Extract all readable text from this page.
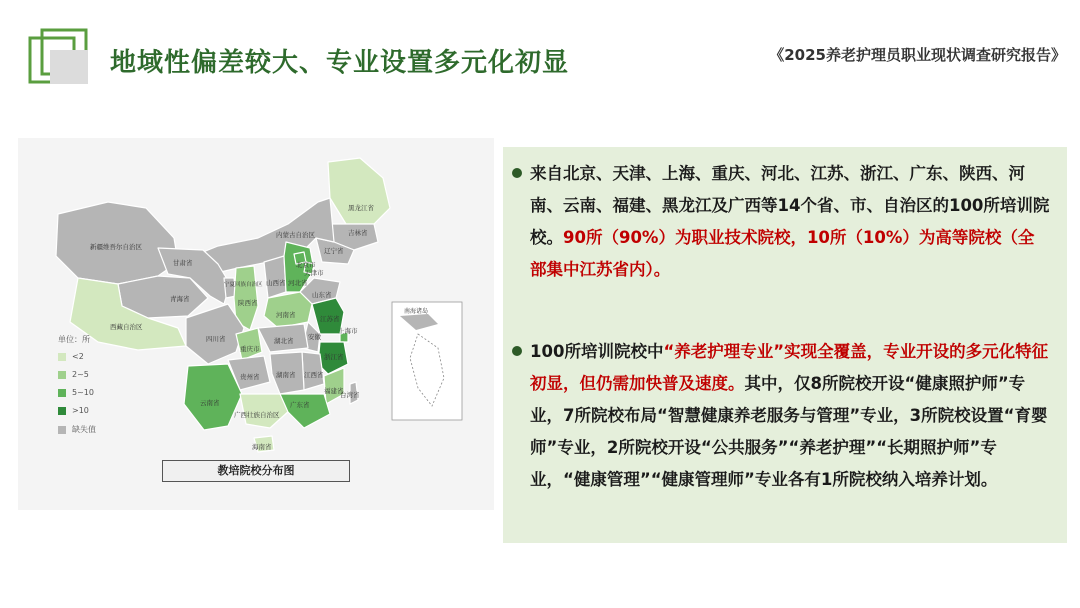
地域性偏差较大、专业设置多元化初显	《2025养老护理员职业现状调查研究报告》
黑龙江省
吉林省
辽宁省
内蒙古自治区
新疆维吾尔自治区
甘肃省
青海省
西藏自治区
北京市
天津市
河北省
山西省
山东省
宁夏回族自治区
陕西省
河南省	江苏省
安徽
上海市
四川省	湖北省
重庆市
浙江省
贵州省	湖南省 江西省
福建省
云南省
广西壮族自治区
广东省
台湾省
海南省
南海诸岛
单位：所
<2
2~5
5~10
>10
缺失值
教培院校分布图
来自北京、天津、上海、重庆、河北、江苏、浙江、广东、陕西、河南、云南、福建、黑龙江及广西等14个省、市、自治区的100所培训院校。90所（90%）为职业技术院校，10所（10%）为高等院校（全部集中江苏省内）。
100所培训院校中“养老护理专业”实现全覆盖，专业开设的多元化特征初显，但仍需加快普及速度。其中，仅8所院校开设“健康照护师”专业，7所院校布局“智慧健康养老服务与管理”专业，3所院校设置“育婴师”专业，2所院校开设“公共服务”“养老护理”“长期照护师”专业，“健康管理”“健康管理师”专业各有1所院校纳入培养计划。
